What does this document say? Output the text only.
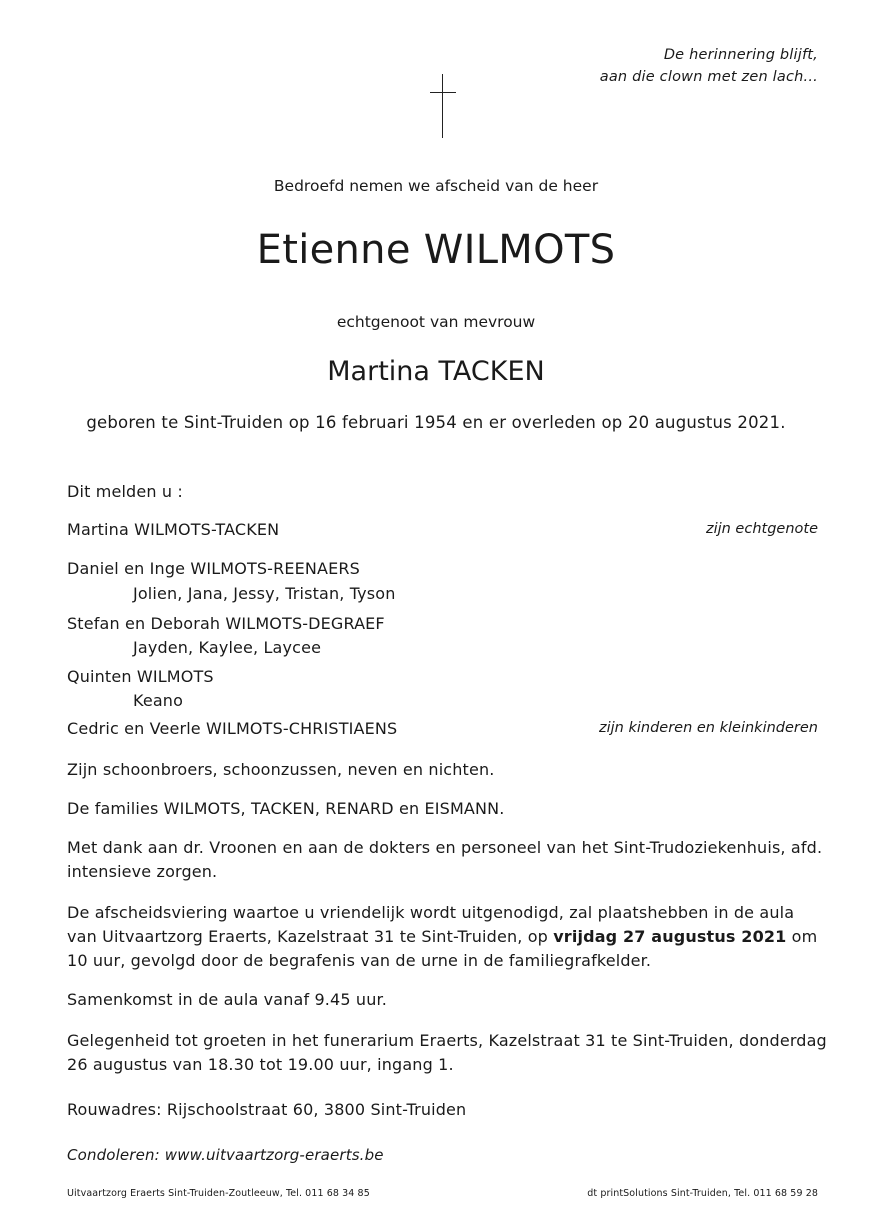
De herinnering blijft,
aan die clown met zen lach...
Bedroefd nemen we afscheid van de heer
Etienne WILMOTS
echtgenoot van mevrouw
Martina TACKEN
geboren te Sint-Truiden op 16 februari 1954 en er overleden op 20 augustus 2021.
Dit melden u :
Martina WILMOTS-TACKEN	zijn echtgenote
Daniel en Inge WILMOTS-REENAERS
Jolien, Jana, Jessy, Tristan, Tyson
Stefan en Deborah WILMOTS-DEGRAEF
Jayden, Kaylee, Laycee
Quinten WILMOTS
Keano
Cedric en Veerle WILMOTS-CHRISTIAENS	zijn kinderen en kleinkinderen
Zijn schoonbroers, schoonzussen, neven en nichten.
De families WILMOTS, TACKEN, RENARD en EISMANN.
Met dank aan dr. Vroonen en aan de dokters en personeel van het Sint-Trudoziekenhuis, afd. intensieve zorgen.
De afscheidsviering waartoe u vriendelijk wordt uitgenodigd, zal plaatshebben in de aula van Uitvaartzorg Eraerts, Kazelstraat 31 te Sint-Truiden, op vrijdag 27 augustus 2021 om 10 uur, gevolgd door de begrafenis van de urne in de familiegrafkelder.
Samenkomst in de aula vanaf 9.45 uur.
Gelegenheid tot groeten in het funerarium Eraerts, Kazelstraat 31 te Sint-Truiden, donderdag 26 augustus van 18.30 tot 19.00 uur, ingang 1.
Rouwadres: Rijschoolstraat 60, 3800 Sint-Truiden
Condoleren: www.uitvaartzorg-eraerts.be
Uitvaartzorg Eraerts Sint-Truiden-Zoutleeuw, Tel. 011 68 34 85	dt printSolutions Sint-Truiden, Tel. 011 68 59 28
